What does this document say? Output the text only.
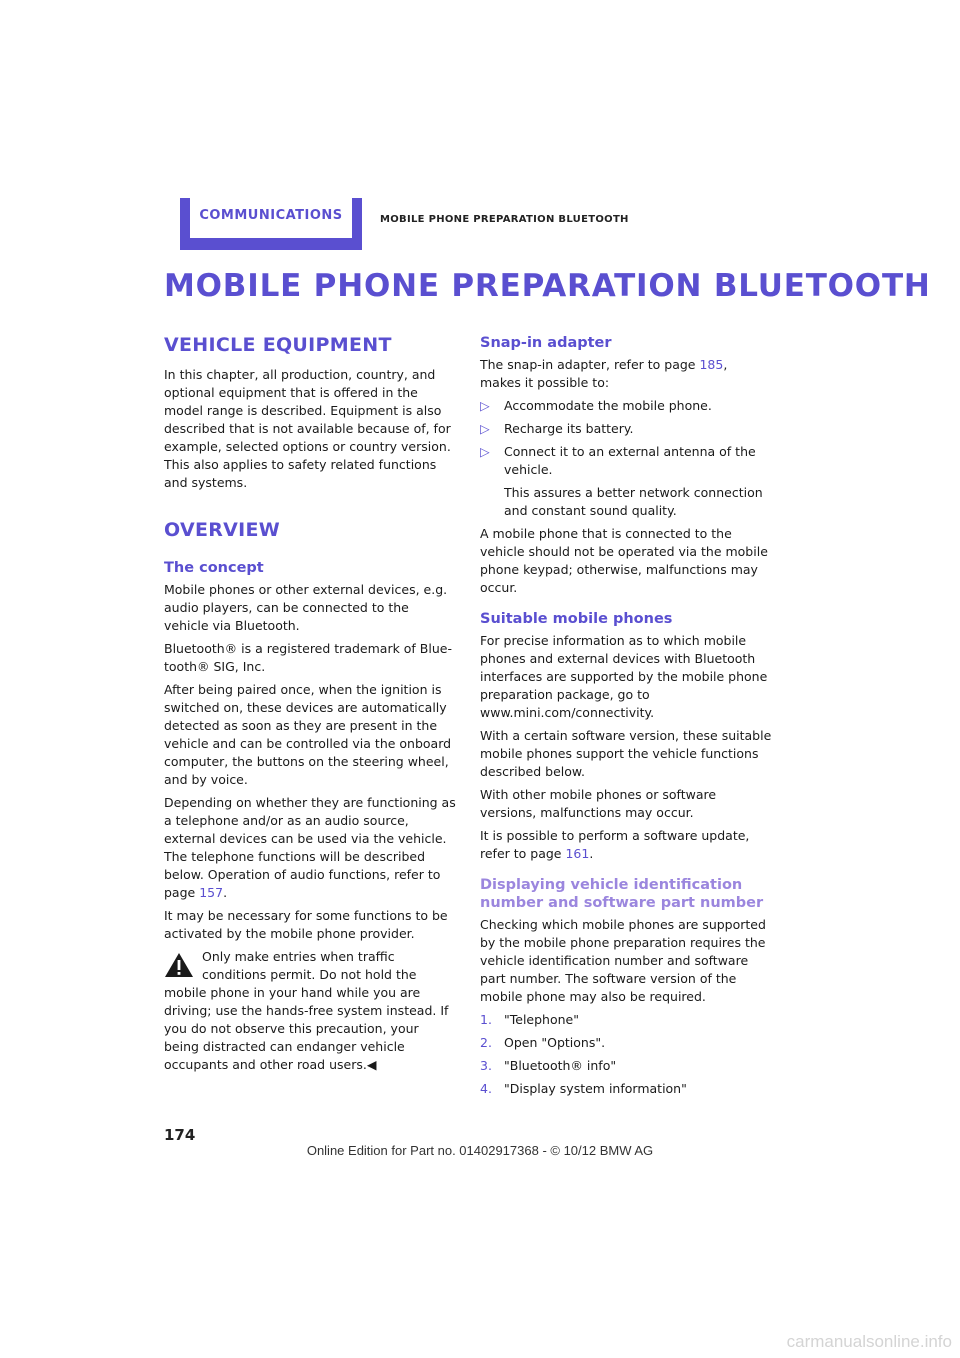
COMMUNICATIONS	MOBILE PHONE PREPARATION BLUETOOTH
MOBILE PHONE PREPARATION BLUETOOTH
VEHICLE EQUIPMENT

In this chapter, all production, country, and optional equipment that is offered in the model range is described. Equipment is also described that is not available because of, for example, selected options or country version. This also applies to safety related functions and systems.

OVERVIEW
The concept

Mobile phones or other external devices, e.g. audio players, can be connected to the vehicle via Bluetooth.

Bluetooth® is a registered trademark of Bluetooth® SIG, Inc.

After being paired once, when the ignition is switched on, these devices are automatically detected as soon as they are present in the vehicle and can be controlled via the onboard computer, the buttons on the steering wheel, and by voice.

Depending on whether they are functioning as a telephone and/or as an audio source, external devices can be used via the vehicle. The telephone functions will be described below. Operation of audio functions, refer to page 157.

It may be necessary for some functions to be activated by the mobile phone provider.

Only make entries when traffic conditions permit. Do not hold the mobile phone in your hand while you are driving; use the hands-free system instead. If you do not observe this precaution, your being distracted can endanger vehicle occupants and other road users.◀

Snap-in adapter

The snap-in adapter, refer to page 185, makes it possible to:

▷ Accommodate the mobile phone.
▷ Recharge its battery.
▷ Connect it to an external antenna of the vehicle.

This assures a better network connection and constant sound quality.

A mobile phone that is connected to the vehicle should not be operated via the mobile phone keypad; otherwise, malfunctions may occur.

Suitable mobile phones

For precise information as to which mobile phones and external devices with Bluetooth interfaces are supported by the mobile phone preparation package, go to www.mini.com/connectivity.

With a certain software version, these suitable mobile phones support the vehicle functions described below.

With other mobile phones or software versions, malfunctions may occur.

It is possible to perform a software update, refer to page 161.

Displaying vehicle identification number and software part number

Checking which mobile phones are supported by the mobile phone preparation requires the vehicle identification number and software part number. The software version of the mobile phone may also be required.

1. "Telephone"
2. Open "Options".
3. "Bluetooth® info"
4. "Display system information"
174
Online Edition for Part no. 01402917368 - © 10/12 BMW AG
carmanualsonline.info
